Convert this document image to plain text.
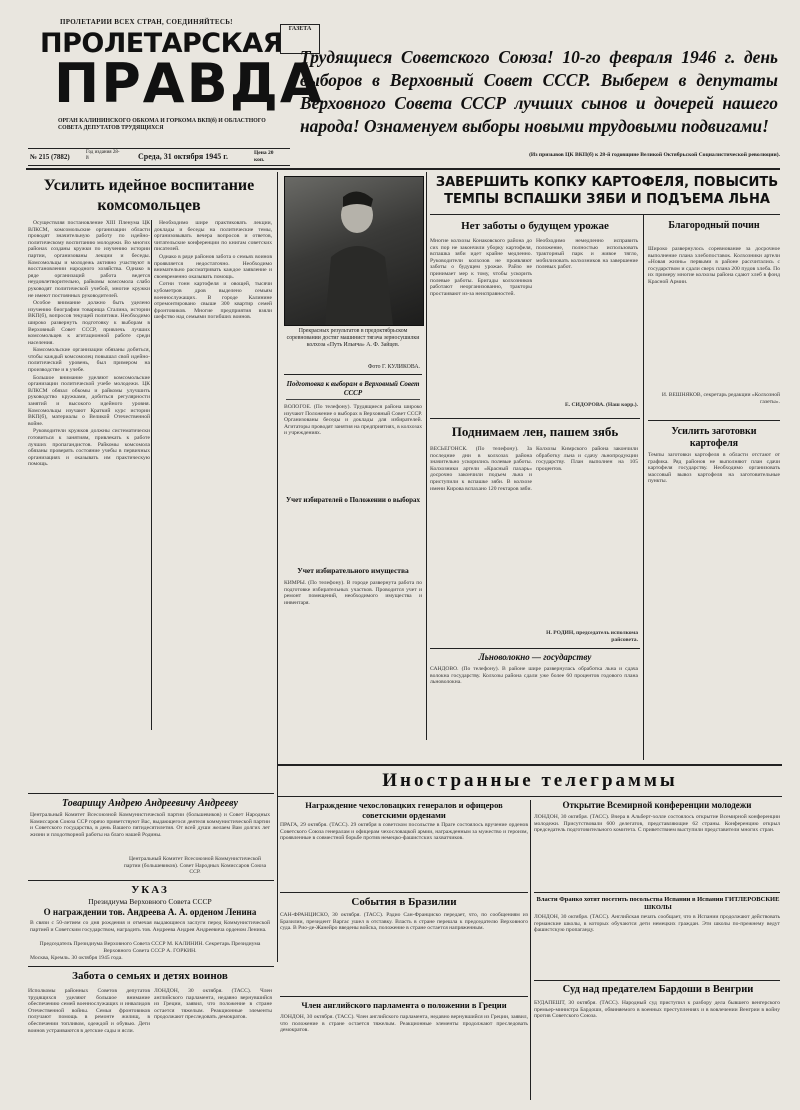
ПРОЛЕТАРИИ ВСЕХ СТРАН, СОЕДИНЯЙТЕСЬ!
ПРОЛЕТАРСКАЯ
ПРАВДА
ОРГАН КАЛИНИНСКОГО ОБКОМА И ГОРКОМА ВКП(б) И ОБЛАСТНОГО СОВЕТА ДЕПУТАТОВ ТРУДЯЩИХСЯ
ГАЗЕТА
№ 215 (7882)
Год издания 28-й	Среда, 31 октября 1945 г.	Цена 20 коп.
Трудящиеся Советского Союза! 10-го февраля 1946 г. день выборов в Верховный Совет СССР. Выберем в депутаты Верховного Совета СССР лучших сынов и дочерей нашего народа! Ознаменуем выборы новыми трудовыми подвигами!
(Из призывов ЦК ВКП(б) к 28-й годовщине Великой Октябрьской Социалистической революции).
Усилить идейное воспитание комсомольцев

Осуществляя постановление XIII Пленума ЦК ВЛКСМ, комсомольские организации области проводят значительную работу по идейно-политическому воспитанию молодежи. Во многих районах созданы кружки по изучению истории партии, организованы лекции и беседы. Комсомольцы и молодежь активно участвуют в восстановлении народного хозяйства. Однако в ряде организаций работа ведется неудовлетворительно, райкомы комсомола слабо руководят политической учебой, многие кружки не имеют постоянных руководителей.

Особое внимание должно быть уделено изучению биографии товарища Сталина, истории ВКП(б), вопросов текущей политики. Необходимо широко развернуть подготовку к выборам в Верховный Совет СССР, привлечь лучших комсомольцев к агитационной работе среди населения.

Комсомольские организации обязаны добиться, чтобы каждый комсомолец повышал свой идейно-политический уровень, был примером на производстве и в учебе.

Большое внимание уделяют комсомольские организации политической учебе молодежи. ЦК ВЛКСМ обязал обкомы и райкомы улучшить руководство кружками, добиться регулярности занятий и высокого идейного уровня. Комсомольцы изучают Краткий курс истории ВКП(б), материалы о Великой Отечественной войне.

Руководители кружков должны систематически готовиться к занятиям, привлекать к работе лучших пропагандистов. Райкомы комсомола обязаны проверять состояние учебы в первичных организациях и оказывать им практическую помощь.

Необходимо шире практиковать лекции, доклады и беседы на политические темы, организовывать вечера вопросов и ответов, читательские конференции по книгам советских писателей.

Однако в ряде районов забота о семьях воинов проявляется недостаточно. Необходимо внимательно рассматривать каждое заявление и своевременно оказывать помощь.

Сотни тонн картофеля и овощей, тысячи кубометров дров выделено семьям военнослужащих. В городе Калинине отремонтировано свыше 300 квартир семей фронтовиков. Многие предприятия взяли шефство над семьями погибших воинов.

Товарищу Андрею Андреевичу Андрееву
Центральный Комитет Всесоюзной Коммунистической партии (большевиков) и Совет Народных Комиссаров Союза ССР горячо приветствуют Вас, выдающегося деятеля коммунистической партии и Советского государства, в день Вашего пятидесятилетия. От всей души желаем Вам долгих лет жизни и плодотворной работы на благо нашей Родины.
Центральный Комитет Всесоюзной Коммунистической партии (большевиков). Совет Народных Комиссаров Союза ССР.
УКАЗ
Президиума Верховного Совета СССР
О награждении тов. Андреева А. А. орденом Ленина
В связи с 50-летием со дня рождения и отмечая выдающиеся заслуги перед Коммунистической партией и Советским государством, наградить тов. Андреева Андрея Андреевича орденом Ленина.
Председатель Президиума Верховного Совета СССР М. КАЛИНИН. Секретарь Президиума Верховного Совета СССР А. ГОРКИН.
Москва, Кремль. 30 октября 1945 года.
Забота о семьях и детях воинов
Исполкомы районных Советов депутатов трудящихся уделяют большое внимание обеспечению семей военнослужащих и инвалидов Отечественной войны. Семьи фронтовиков получают помощь в ремонте жилищ, в обеспечении топливом, одеждой и обувью. Дети воинов устраиваются в детские сады и ясли.
ЛОНДОН, 30 октября. (ТАСС). Член английского парламента, недавно вернувшийся из Греции, заявил, что положение в стране остается тяжелым. Реакционные элементы продолжают преследовать демократов.
Прекрасных результатов в предоктябрьском соревновании достиг машинист тягача зерносушилки колхоза «Путь Ильича» А. Ф. Зайцев.
Фото Г. КУЛИКОВА.
Подготовка к выборам в Верховный Совет СССР
ВОЛОГОЕ. (По телефону). Трудящиеся района широко изучают Положение о выборах в Верховный Совет СССР. Организованы беседы и доклады для избирателей. Агитаторы проводят занятия на предприятиях, в колхозах и учреждениях.
Учет избирателей о Положении о выборах
Учет избирательного имущества
КИМРЫ. (По телефону). В городе развернута работа по подготовке избирательных участков. Проводится учет и ремонт помещений, необходимого имущества и инвентаря.
ЗАВЕРШИТЬ КОПКУ КАРТОФЕЛЯ, ПОВЫСИТЬ ТЕМПЫ ВСПАШКИ ЗЯБИ И ПОДЪЕМА ЛЬНА
Нет заботы о будущем урожае
Многие колхозы Конаковского района до сих пор не закончили уборку картофеля, вспашка зяби идет крайне медленно. Руководители колхозов не проявляют заботы о будущем урожае. Райзо не принимает мер к тому, чтобы ускорить полевые работы. Бригады колхозников работают неорганизованно, тракторы простаивают из-за неисправностей.
Необходимо немедленно исправить положение, полностью использовать тракторный парк и живое тягло, мобилизовать колхозников на завершение полевых работ.
Е. СИДОРОВА. (Наш корр.).
Благородный почин
Широко развернулось соревнование за досрочное выполнение плана хлебопоставок. Колхозники артели «Новая жизнь» первыми в районе рассчитались с государством и сдали сверх плана 200 пудов хлеба. По их примеру многие колхозы района сдают хлеб в фонд Красной Армии.
И. ВЕШНЯКОВ, секретарь редакции «Колхозной газеты».
Усилить заготовки картофеля
Темпы заготовки картофеля в области отстают от графика. Ряд районов не выполняют план сдачи картофеля государству. Необходимо организовать массовый вывоз картофеля на заготовительные пункты.
Поднимаем лен, пашем зябь
ВЕСЬЕГОНСК. (По телефону). За последние дни в колхозах района значительно ускорились полевые работы. Колхозники артели «Красный пахарь» досрочно закончили подъем льна и приступили к вспашке зяби. В колхозе имени Кирова вспахано 120 гектаров зяби.
Колхозы Кимрского района закончили обработку льна и сдачу льнопродукции государству. План выполнен на 105 процентов.
Н. РОДИН, председатель исполкома райсовета.
Льноволокно — государству
САНДОВО. (По телефону). В районе шире развернулась обработка льна и сдача волокна государству. Колхозы района сдали уже более 60 процентов годового плана льноволокна.
Иностранные телеграммы
Награждение чехословацких генералов и офицеров советскими орденами
ПРАГА, 29 октября. (ТАСС). 29 октября в советском посольстве в Праге состоялось вручение орденов Советского Союза генералам и офицерам чехословацкой армии, награжденным за мужество и героизм, проявленные в совместной борьбе против немецко-фашистских захватчиков.
Открытие Всемирной конференции молодежи
ЛОНДОН, 30 октября. (ТАСС). Вчера в Альберт-холле состоялось открытие Всемирной конференции молодежи. Присутствовали 600 делегатов, представляющие 62 страны. Конференцию открыл председатель подготовительного комитета. С приветствием выступили представители многих стран.
События в Бразилии
САН-ФРАНЦИСКО, 30 октября. (ТАСС). Радио Сан-Франциско передает, что, по сообщениям из Бразилии, президент Варгас ушел в отставку. Власть в стране перешла к председателю Верховного суда. В Рио-де-Жанейро введены войска, положение в стране остается напряженным.
Член английского парламента о положении в Греции
ЛОНДОН, 30 октября. (ТАСС). Член английского парламента, недавно вернувшийся из Греции, заявил, что положение в стране остается тяжелым. Реакционные элементы продолжают преследовать демократов.
Власти Франко хотят посетить посольства Испании в Испании ГИТЛЕРОВСКИЕ ШКОЛЫ
ЛОНДОН, 30 октября. (ТАСС). Английская печать сообщает, что в Испании продолжают действовать германские школы, в которых обучаются дети немецких граждан. Эти школы по-прежнему ведут фашистскую пропаганду.
Суд над предателем Бардоши в Венгрии
БУДАПЕШТ, 30 октября. (ТАСС). Народный суд приступил к разбору дела бывшего венгерского премьер-министра Бардоши, обвиняемого в военных преступлениях и в вовлечении Венгрии в войну против Советского Союза.
